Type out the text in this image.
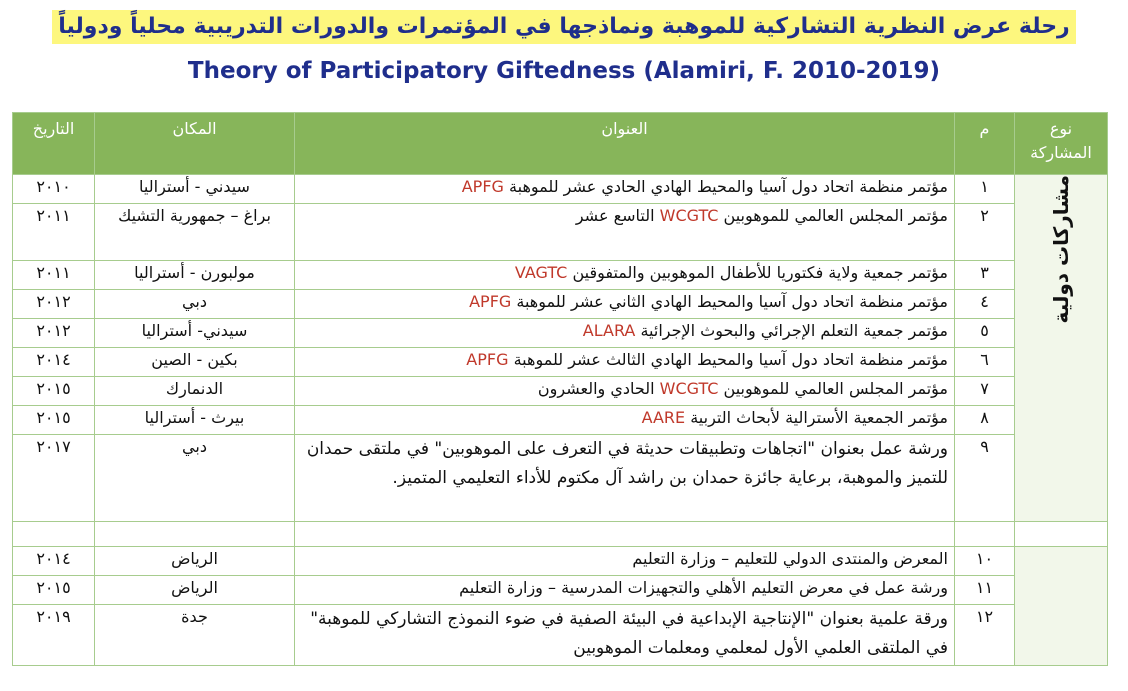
رحلة عرض النظرية التشاركية للموهبة ونماذجها في المؤتمرات والدورات التدريبية محلياً ودولياً
Theory of Participatory Giftedness (Alamiri, F. 2010-2019)
نوع المشاركة	م	العنوان	المكان	التاريخ
مشاركات دولية	١	مؤتمر منظمة اتحاد دول آسيا والمحيط الهادي الحادي عشر للموهبة APFG	سيدني - أستراليا	٢٠١٠
	٢	مؤتمر المجلس العالمي للموهوبين WCGTC التاسع عشر	براغ – جمهورية التشيك	٢٠١١
	٣	مؤتمر جمعية ولاية فكتوريا للأطفال الموهوبين والمتفوقين VAGTC	مولبورن - أستراليا	٢٠١١
	٤	مؤتمر منظمة اتحاد دول آسيا والمحيط الهادي الثاني عشر للموهبة APFG	دبي	٢٠١٢
	٥	مؤتمر جمعية التعلم الإجرائي والبحوث الإجرائية ALARA	سيدني- أستراليا	٢٠١٢
	٦	مؤتمر منظمة اتحاد دول آسيا والمحيط الهادي الثالث عشر للموهبة APFG	بكين - الصين	٢٠١٤
	٧	مؤتمر المجلس العالمي للموهوبين WCGTC الحادي والعشرون	الدنمارك	٢٠١٥
	٨	مؤتمر الجمعية الأسترالية لأبحاث التربية AARE	بيرث - أستراليا	٢٠١٥
	٩	ورشة عمل بعنوان "اتجاهات وتطبيقات حديثة في التعرف على الموهوبين" في ملتقى حمدان للتميز والموهبة، برعاية جائزة حمدان بن راشد آل مكتوم للأداء التعليمي المتميز.	دبي	٢٠١٧

	١٠	المعرض والمنتدى الدولي للتعليم – وزارة التعليم	الرياض	٢٠١٤
	١١	ورشة عمل في معرض التعليم الأهلي والتجهيزات المدرسية – وزارة التعليم	الرياض	٢٠١٥
	١٢	ورقة علمية بعنوان "الإنتاجية الإبداعية في البيئة الصفية في ضوء النموذج التشاركي للموهبة" في الملتقى العلمي الأول لمعلمي ومعلمات الموهوبين	جدة	٢٠١٩
